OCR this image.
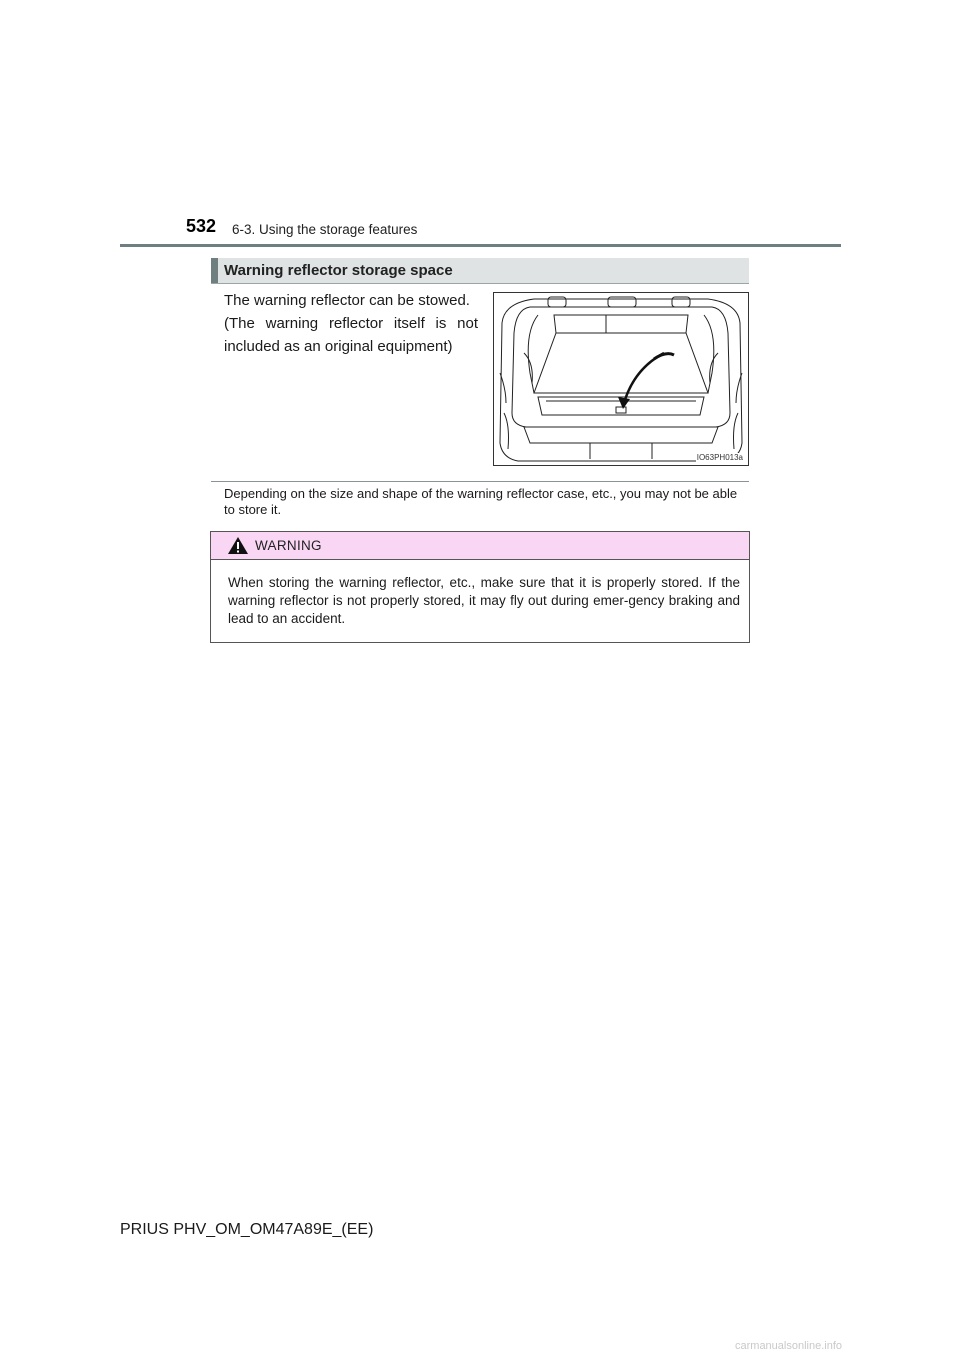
532 6-3. Using the storage features
Warning reflector storage space

The warning reflector can be stowed.

(The warning reflector itself is not included as an original equipment)

IO63PH013a
Depending on the size and shape of the warning reflector case, etc., you may not be able to store it.
WARNING
When storing the warning reflector, etc., make sure that it is properly stored. If the warning reflector is not properly stored, it may fly out during emer-gency braking and lead to an accident.
PRIUS PHV_OM_OM47A89E_(EE)
carmanualsonline.info
